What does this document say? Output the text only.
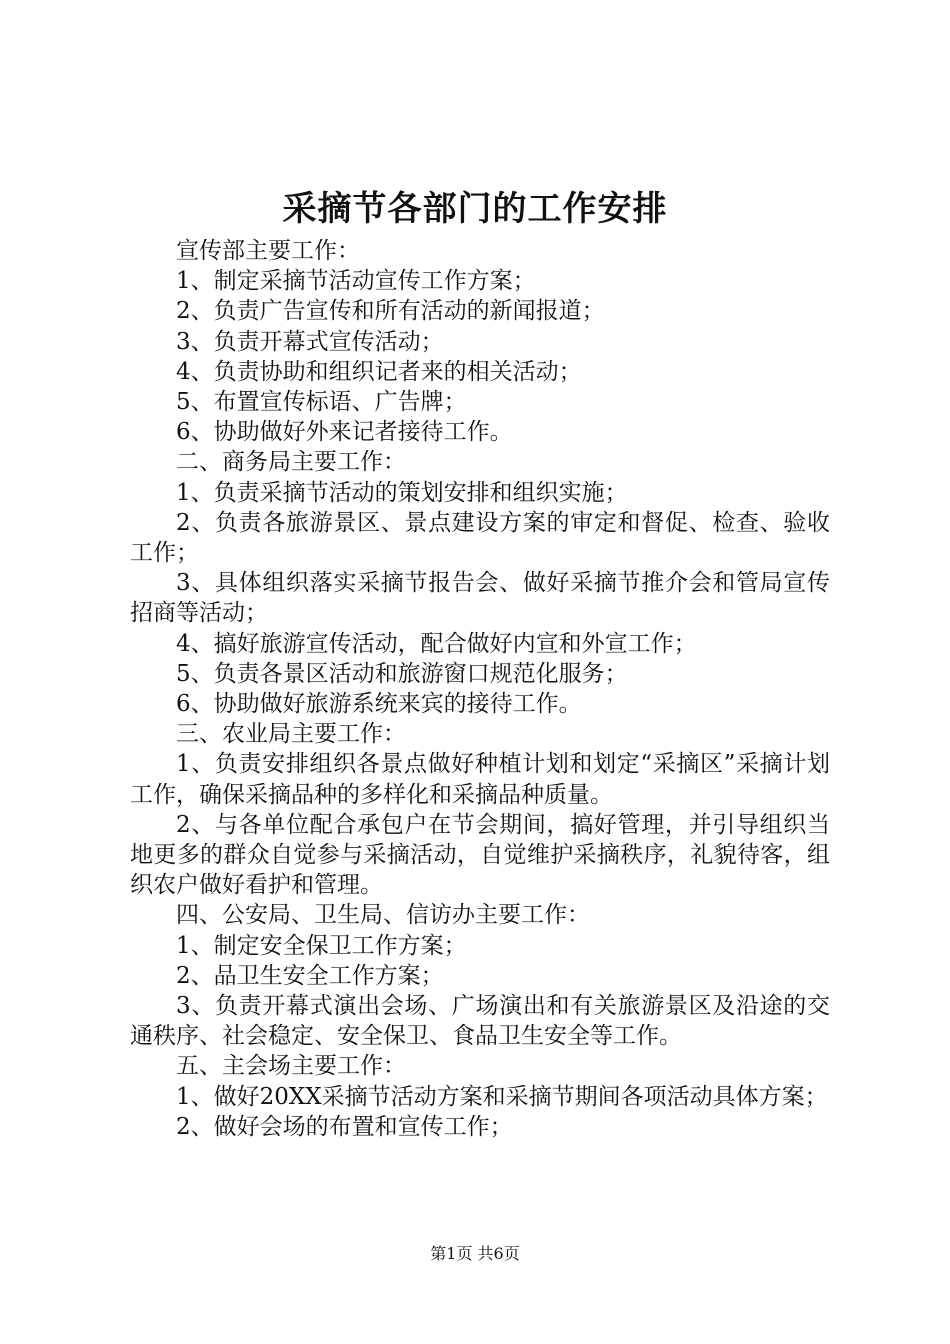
采摘节各部门的工作安排

宣传部主要工作：

1、制定采摘节活动宣传工作方案；

2、负责广告宣传和所有活动的新闻报道；

3、负责开幕式宣传活动；

4、负责协助和组织记者来的相关活动；

5、布置宣传标语、广告牌；

6、协助做好外来记者接待工作。

二、商务局主要工作：

1、负责采摘节活动的策划安排和组织实施；

2、负责各旅游景区、景点建设方案的审定和督促、检查、验收工作；

3、具体组织落实采摘节报告会、做好采摘节推介会和管局宣传招商等活动；

4、搞好旅游宣传活动，配合做好内宣和外宣工作；

5、负责各景区活动和旅游窗口规范化服务；

6、协助做好旅游系统来宾的接待工作。

三、农业局主要工作：

1、负责安排组织各景点做好种植计划和划定“采摘区”采摘计划工作，确保采摘品种的多样化和采摘品种质量。

2、与各单位配合承包户在节会期间，搞好管理，并引导组织当地更多的群众自觉参与采摘活动，自觉维护采摘秩序，礼貌待客，组织农户做好看护和管理。

四、公安局、卫生局、信访办主要工作：

1、制定安全保卫工作方案；

2、品卫生安全工作方案；

3、负责开幕式演出会场、广场演出和有关旅游景区及沿途的交通秩序、社会稳定、安全保卫、食品卫生安全等工作。

五、主会场主要工作：

1、做好20XX采摘节活动方案和采摘节期间各项活动具体方案；

2、做好会场的布置和宣传工作；

第1页 共6页
